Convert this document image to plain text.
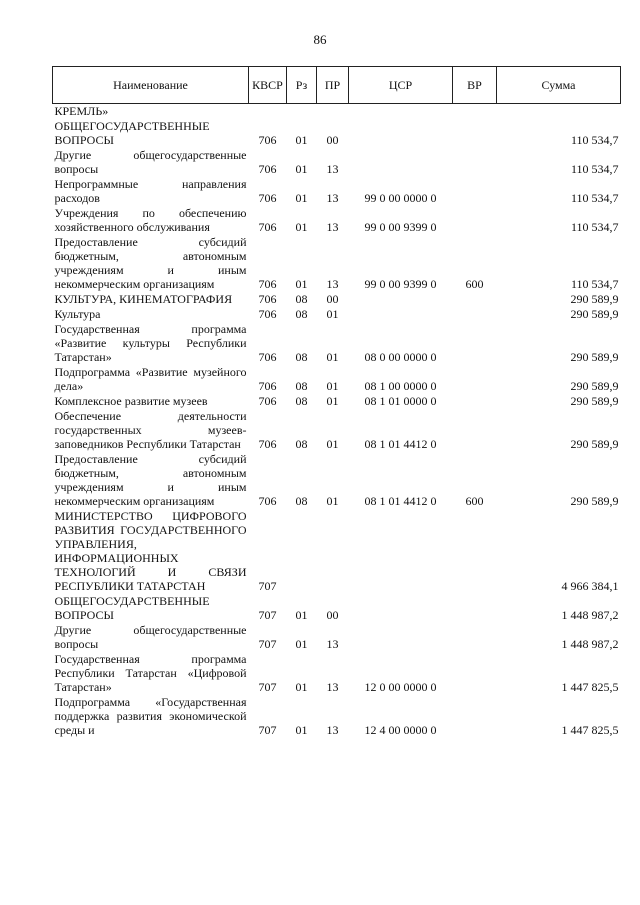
86
Наименование	КВСР	Рз	ПР	ЦСР	ВР	Сумма
КРЕМЛЬ»						
ОБЩЕГОСУДАРСТВЕННЫЕ ВОПРОСЫ	706	01	00			110 534,7
Другие общегосударственные вопросы	706	01	13			110 534,7
Непрограммные направления расходов	706	01	13	99 0 00 0000 0		110 534,7
Учреждения по обеспечению хозяйственного обслуживания	706	01	13	99 0 00 9399 0		110 534,7
Предоставление субсидий бюджетным, автономным учреждениям и иным некоммерческим организациям	706	01	13	99 0 00 9399 0	600	110 534,7
КУЛЬТУРА, КИНЕМАТОГРАФИЯ	706	08	00			290 589,9
Культура	706	08	01			290 589,9
Государственная программа «Развитие культуры Республики Татарстан»	706	08	01	08 0 00 0000 0		290 589,9
Подпрограмма «Развитие музейного дела»	706	08	01	08 1 00 0000 0		290 589,9
Комплексное развитие музеев	706	08	01	08 1 01 0000 0		290 589,9
Обеспечение деятельности государственных музеев-заповедников Республики Татарстан	706	08	01	08 1 01 4412 0		290 589,9
Предоставление субсидий бюджетным, автономным учреждениям и иным некоммерческим организациям	706	08	01	08 1 01 4412 0	600	290 589,9
МИНИСТЕРСТВО ЦИФРОВОГО РАЗВИТИЯ ГОСУДАРСТВЕННОГО УПРАВЛЕНИЯ, ИНФОРМАЦИОННЫХ ТЕХНОЛОГИЙ И СВЯЗИ РЕСПУБЛИКИ ТАТАРСТАН	707					4 966 384,1
ОБЩЕГОСУДАРСТВЕННЫЕ ВОПРОСЫ	707	01	00			1 448 987,2
Другие общегосударственные вопросы	707	01	13			1 448 987,2
Государственная программа Республики Татарстан «Цифровой Татарстан»	707	01	13	12 0 00 0000 0		1 447 825,5
Подпрограмма «Государственная поддержка развития экономической среды и	707	01	13	12 4 00 0000 0		1 447 825,5
